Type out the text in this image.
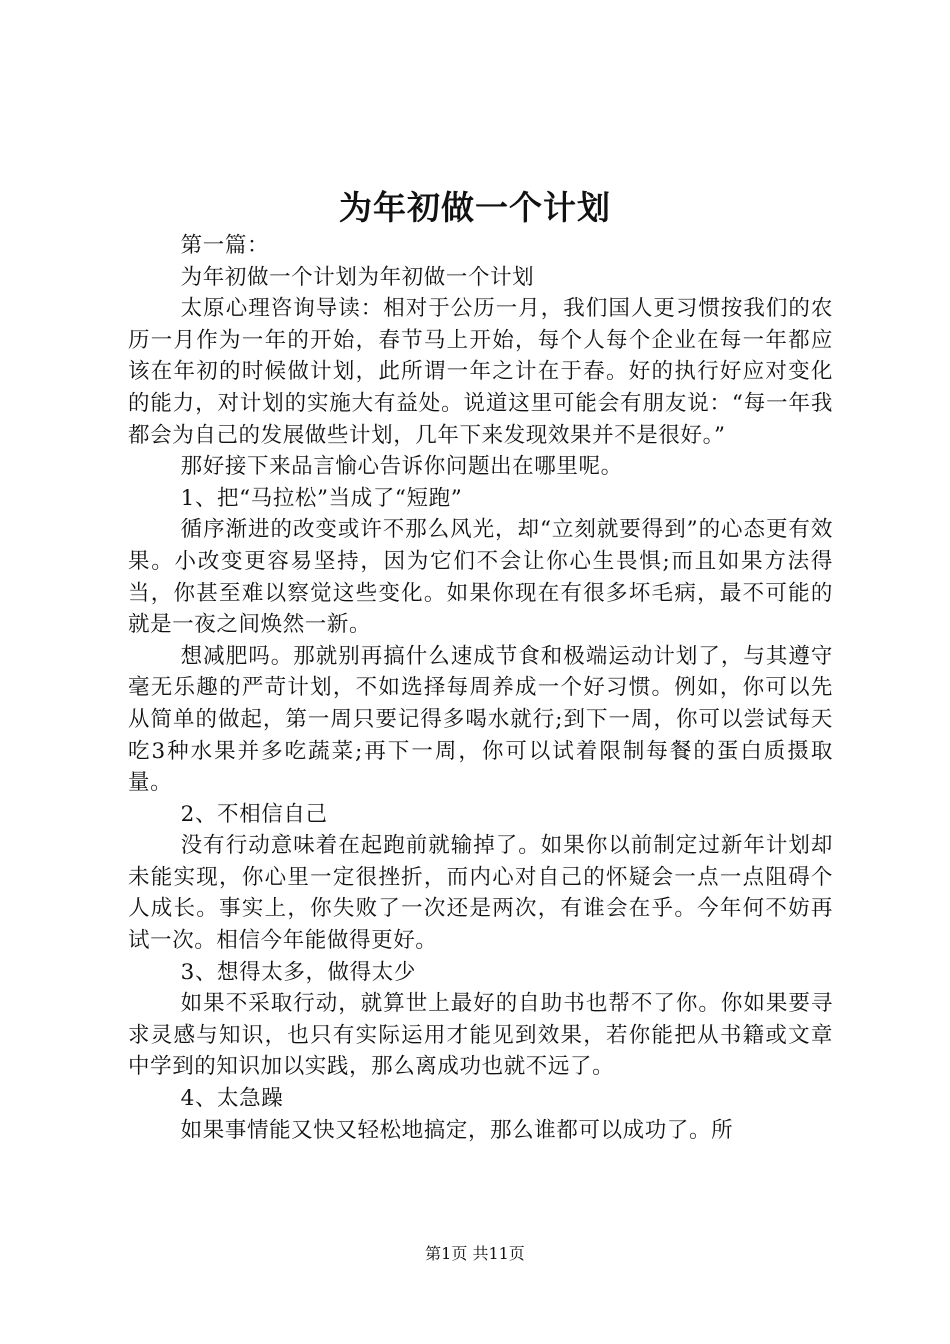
为年初做一个计划

第一篇：

为年初做一个计划为年初做一个计划

太原心理咨询导读：相对于公历一月，我们国人更习惯按我们的农历一月作为一年的开始，春节马上开始，每个人每个企业在每一年都应该在年初的时候做计划，此所谓一年之计在于春。好的执行好应对变化的能力，对计划的实施大有益处。说道这里可能会有朋友说：“每一年我都会为自己的发展做些计划，几年下来发现效果并不是很好。”

那好接下来品言愉心告诉你问题出在哪里呢。

1、把“马拉松”当成了“短跑”

循序渐进的改变或许不那么风光，却“立刻就要得到”的心态更有效果。小改变更容易坚持，因为它们不会让你心生畏惧;而且如果方法得当，你甚至难以察觉这些变化。如果你现在有很多坏毛病，最不可能的就是一夜之间焕然一新。

想减肥吗。那就别再搞什么速成节食和极端运动计划了，与其遵守毫无乐趣的严苛计划，不如选择每周养成一个好习惯。例如，你可以先从简单的做起，第一周只要记得多喝水就行;到下一周，你可以尝试每天吃3种水果并多吃蔬菜;再下一周，你可以试着限制每餐的蛋白质摄取量。

2、不相信自己

没有行动意味着在起跑前就输掉了。如果你以前制定过新年计划却未能实现，你心里一定很挫折，而内心对自己的怀疑会一点一点阻碍个人成长。事实上，你失败了一次还是两次，有谁会在乎。今年何不妨再试一次。相信今年能做得更好。

3、想得太多，做得太少

如果不采取行动，就算世上最好的自助书也帮不了你。你如果要寻求灵感与知识，也只有实际运用才能见到效果，若你能把从书籍或文章中学到的知识加以实践，那么离成功也就不远了。

4、太急躁

如果事情能又快又轻松地搞定，那么谁都可以成功了。所

第1页 共11页
